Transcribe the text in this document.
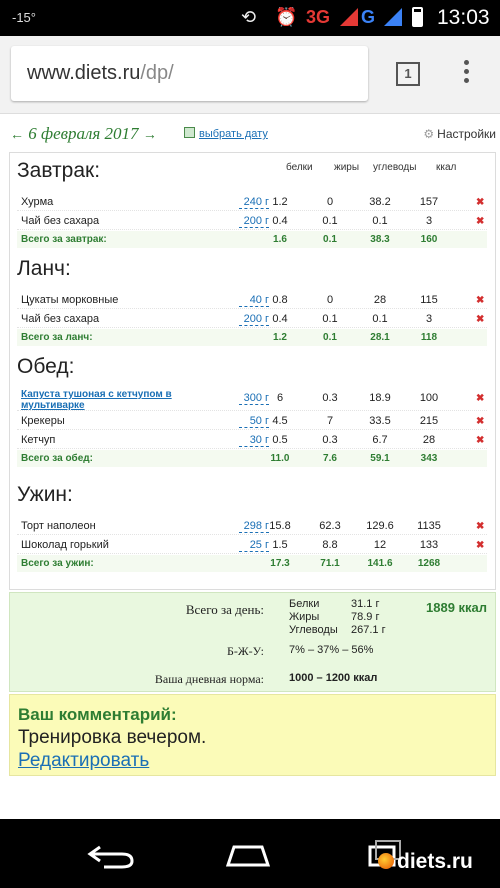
-15°	⟲ ⏰ 3G G	13:03
www.diets.ru/dp/	1
← 6 февраля 2017 →	выбрать дату	⚙ Настройки
белки жиры углеводы ккал
Завтрак:
Хурма	240 г 1.2	0	38.2	157	✖
Чай без сахара	200 г 0.4	0.1	0.1	3	✖
Всего за завтрак:	1.6	0.1	38.3	160
Ланч:
Цукаты морковные	40 г 0.8	0	28	115	✖
Чай без сахара	200 г 0.4	0.1	0.1	3	✖
Всего за ланч:	1.2	0.1	28.1	118
Обед:
Капуста тушоная с кетчупом в мультиварке
300 г 6	0.3	18.9	100	✖
Крекеры	50 г 4.5	7	33.5	215	✖
Кетчуп	30 г 0.5	0.3	6.7	28	✖
Всего за обед:	11.0	7.6	59.1	343
Ужин:
Торт наполеон	298 г 15.8	62.3	129.6	1135	✖
Шоколад горький	25 г 1.5	8.8	12	133	✖
Всего за ужин:	17.3	71.1	141.6	1268
Всего за день: Белки	31.1 г
Жиры	78.9 г
Углеводы 267.1 г
1889 ккал
Б-Ж-У: 7% – 37% – 56%
Ваша дневная норма: 1000 – 1200 ккал
Ваш комментарий:
Тренировка вечером.
Редактировать
diets.ru
